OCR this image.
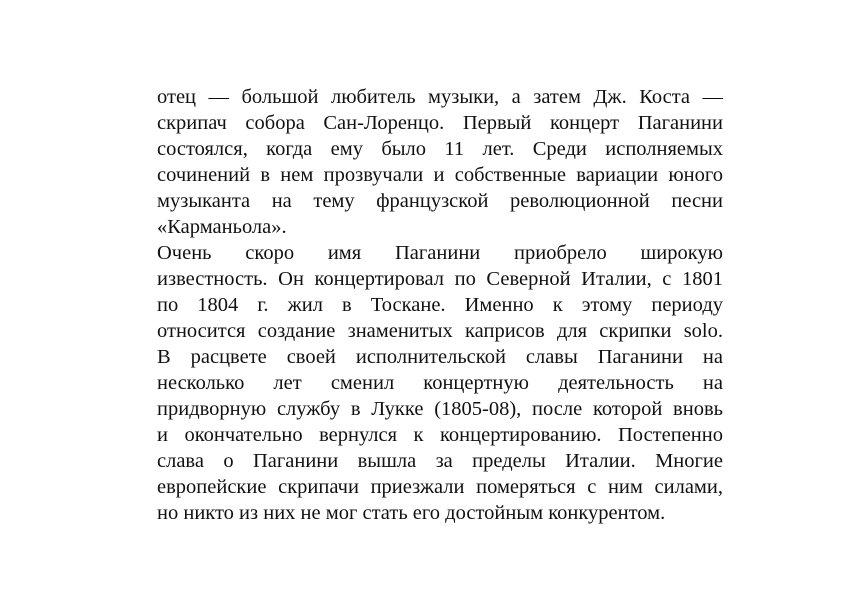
отец — большой любитель музыки, а затем Дж. Коста —
скрипач собора Сан-Лоренцо. Первый концерт Паганини
состоялся, когда ему было 11 лет. Среди исполняемых
сочинений в нем прозвучали и собственные вариации юного
музыканта на тему французской революционной песни
«Карманьола».
Очень скоро имя Паганини приобрело широкую
известность. Он концертировал по Северной Италии, с 1801
по 1804 г. жил в Тоскане. Именно к этому периоду
относится создание знаменитых каприсов для скрипки solo.
В расцвете своей исполнительской славы Паганини на
несколько лет сменил концертную деятельность на
придворную службу в Лукке (1805-08), после которой вновь
и окончательно вернулся к концертированию. Постепенно
слава о Паганини вышла за пределы Италии. Многие
европейские скрипачи приезжали померяться с ним силами,
но никто из них не мог стать его достойным конкурентом.
